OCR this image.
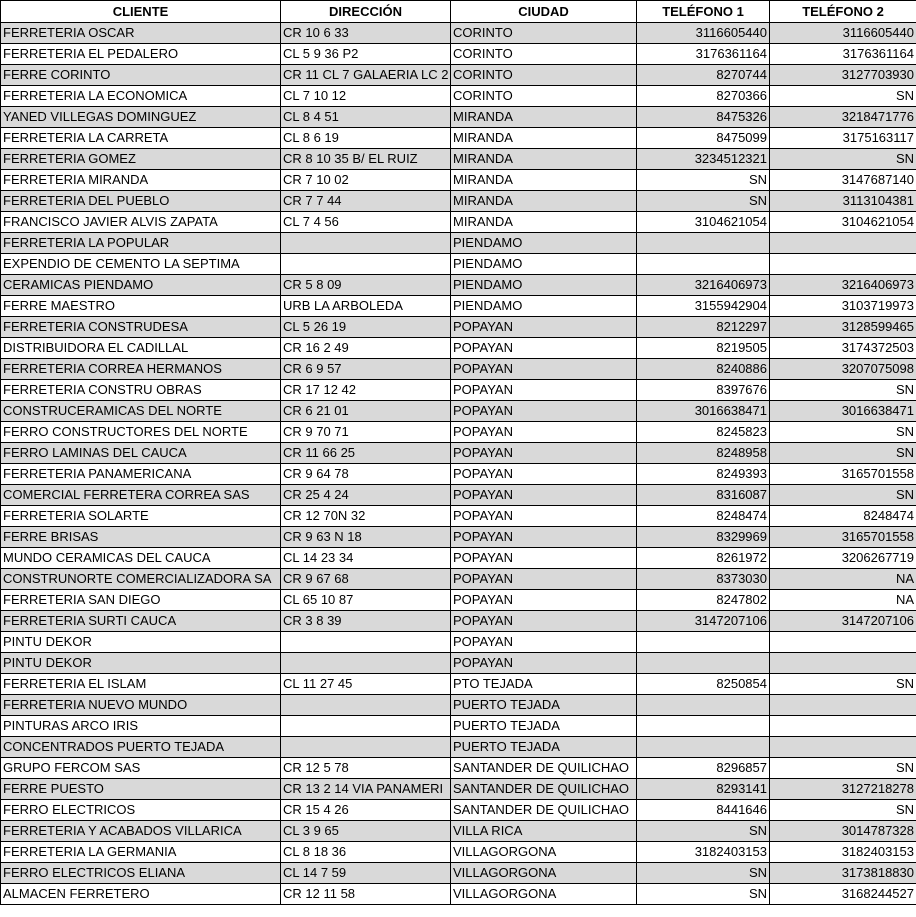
CLIENTE	DIRECCIÓN	CIUDAD	TELÉFONO 1	TELÉFONO 2
FERRETERIA OSCAR	CR 10 6 33	CORINTO	3116605440	3116605440
FERRETERIA EL PEDALERO	CL 5 9 36 P2	CORINTO	3176361164	3176361164
FERRE CORINTO	CR 11 CL 7 GALAERIA LC 2	CORINTO	8270744	3127703930
FERRETERIA LA ECONOMICA	CL 7 10 12	CORINTO	8270366	SN
YANED VILLEGAS DOMINGUEZ	CL 8 4 51	MIRANDA	8475326	3218471776
FERRETERIA LA CARRETA	CL 8 6 19	MIRANDA	8475099	3175163117
FERRETERIA GOMEZ	CR 8 10 35 B/ EL RUIZ	MIRANDA	3234512321	SN
FERRETERIA MIRANDA	CR 7 10 02	MIRANDA	SN	3147687140
FERRETERIA DEL PUEBLO	CR 7 7 44	MIRANDA	SN	3113104381
FRANCISCO JAVIER ALVIS ZAPATA	CL 7 4 56	MIRANDA	3104621054	3104621054
FERRETERIA LA POPULAR		PIENDAMO		
EXPENDIO DE CEMENTO LA SEPTIMA		PIENDAMO		
CERAMICAS PIENDAMO	CR 5 8 09	PIENDAMO	3216406973	3216406973
FERRE MAESTRO	URB LA ARBOLEDA	PIENDAMO	3155942904	3103719973
FERRETERIA CONSTRUDESA	CL 5 26 19	POPAYAN	8212297	3128599465
DISTRIBUIDORA EL CADILLAL	CR 16 2 49	POPAYAN	8219505	3174372503
FERRETERIA CORREA HERMANOS	CR 6 9 57	POPAYAN	8240886	3207075098
FERRETERIA CONSTRU OBRAS	CR 17 12 42	POPAYAN	8397676	SN
CONSTRUCERAMICAS DEL NORTE	CR 6 21 01	POPAYAN	3016638471	3016638471
FERRO CONSTRUCTORES DEL NORTE	CR 9 70 71	POPAYAN	8245823	SN
FERRO LAMINAS DEL CAUCA	CR 11 66 25	POPAYAN	8248958	SN
FERRETERIA PANAMERICANA	CR 9 64 78	POPAYAN	8249393	3165701558
COMERCIAL FERRETERA CORREA SAS	CR 25 4 24	POPAYAN	8316087	SN
FERRETERIA SOLARTE	CR 12 70N 32	POPAYAN	8248474	8248474
FERRE BRISAS	CR 9 63 N 18	POPAYAN	8329969	3165701558
MUNDO CERAMICAS DEL CAUCA	CL 14 23 34	POPAYAN	8261972	3206267719
CONSTRUNORTE COMERCIALIZADORA SA	CR 9 67 68	POPAYAN	8373030	NA
FERRETERIA SAN DIEGO	CL 65 10 87	POPAYAN	8247802	NA
FERRETERIA SURTI CAUCA	CR 3 8 39	POPAYAN	3147207106	3147207106
PINTU DEKOR		POPAYAN		
PINTU DEKOR		POPAYAN		
FERRETERIA EL ISLAM	CL 11 27 45	PTO TEJADA	8250854	SN
FERRETERIA NUEVO MUNDO		PUERTO TEJADA		
PINTURAS ARCO IRIS		PUERTO TEJADA		
CONCENTRADOS PUERTO TEJADA		PUERTO TEJADA		
GRUPO FERCOM SAS	CR 12 5 78	SANTANDER DE QUILICHAO	8296857	SN
FERRE PUESTO	CR 13 2 14 VIA PANAMERI	SANTANDER DE QUILICHAO	8293141	3127218278
FERRO ELECTRICOS	CR 15 4 26	SANTANDER DE QUILICHAO	8441646	SN
FERRETERIA Y ACABADOS VILLARICA	CL 3 9 65	VILLA RICA	SN	3014787328
FERRETERIA LA GERMANIA	CL 8 18 36	VILLAGORGONA	3182403153	3182403153
FERRO ELECTRICOS ELIANA	CL 14 7 59	VILLAGORGONA	SN	3173818830
ALMACEN FERRETERO	CR 12 11 58	VILLAGORGONA	SN	3168244527
